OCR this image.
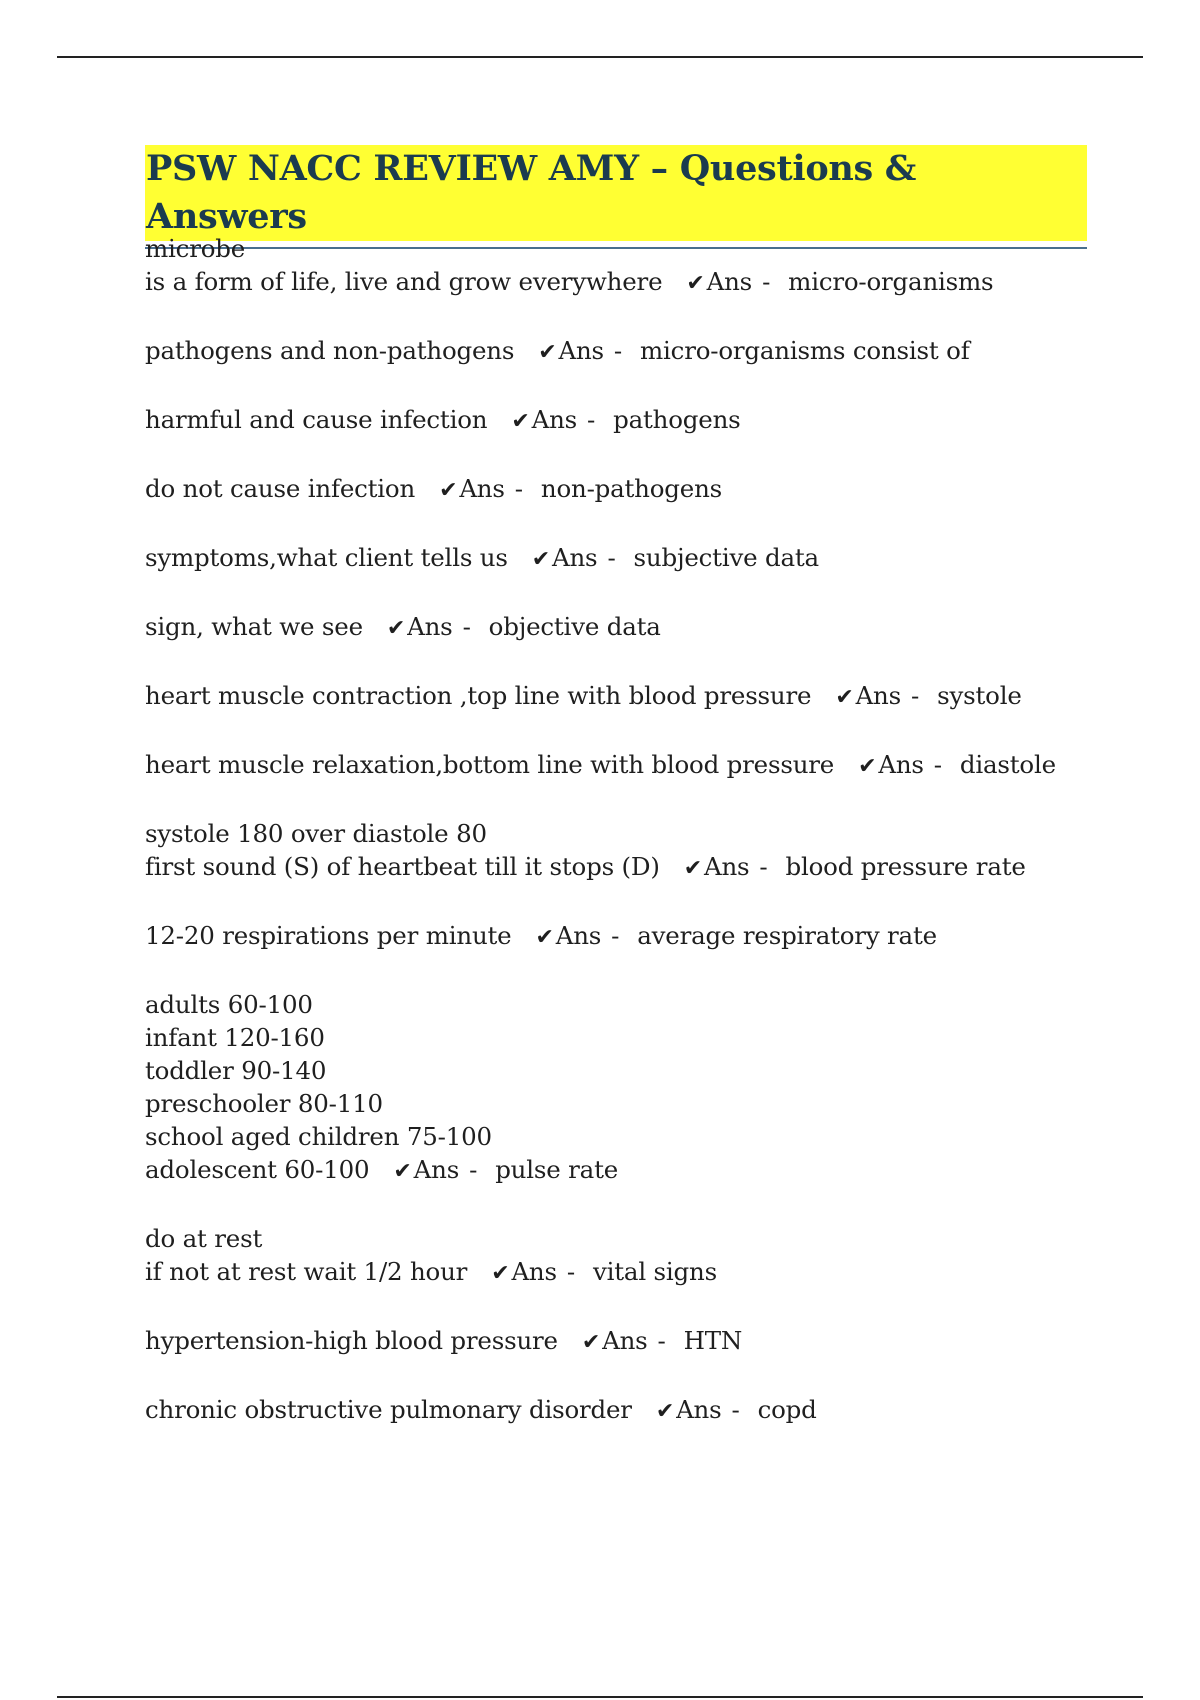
PSW NACC REVIEW AMY – Questions & Answers
microbe
is a form of life, live and grow everywhere ✔Ans - micro-organisms
pathogens and non-pathogens ✔Ans - micro-organisms consist of
harmful and cause infection ✔Ans - pathogens
do not cause infection ✔Ans - non-pathogens
symptoms,what client tells us ✔Ans - subjective data
sign, what we see ✔Ans - objective data
heart muscle contraction ,top line with blood pressure ✔Ans - systole
heart muscle relaxation,bottom line with blood pressure ✔Ans - diastole
systole 180 over diastole 80
first sound (S) of heartbeat till it stops (D) ✔Ans - blood pressure rate
12-20 respirations per minute ✔Ans - average respiratory rate
adults 60-100
infant 120-160
toddler 90-140
preschooler 80-110
school aged children 75-100
adolescent 60-100 ✔Ans - pulse rate
do at rest
if not at rest wait 1/2 hour ✔Ans - vital signs
hypertension-high blood pressure ✔Ans - HTN
chronic obstructive pulmonary disorder ✔Ans - copd
